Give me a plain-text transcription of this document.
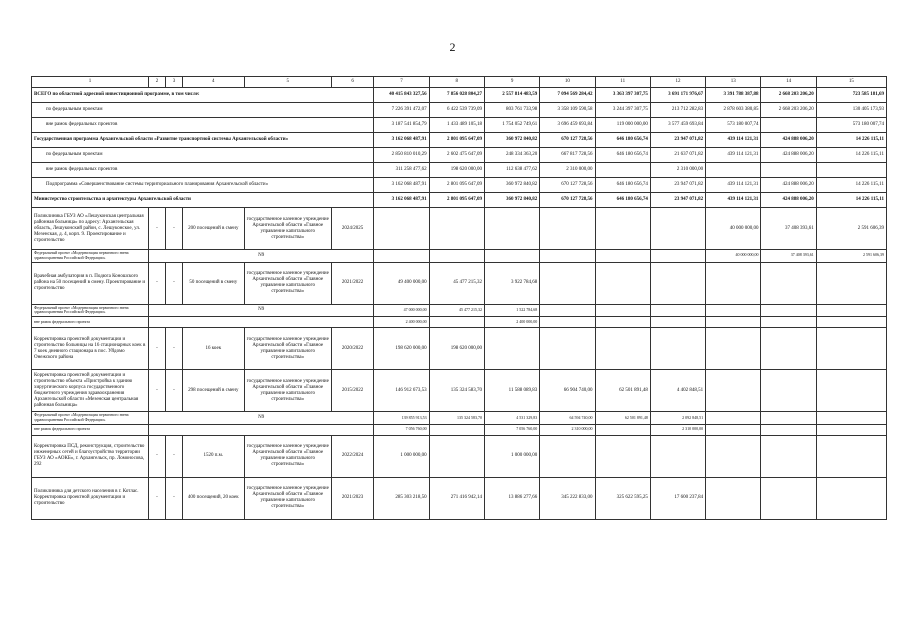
2
1	2	3	4	5	6	7	8	9	10	11	12	13	14	15
ВСЕГО по областной адресной инвестиционной программе, в том числе:						40 415 843 327,56	7 856 028 804,27	2 557 814 483,59	7 094 569 284,42	3 363 397 307,75	3 691 171 976,67	3 391 788 387,88	2 668 203 206,20	723 585 181,69
по федеральным проектам						7 226 391 472,07	6 422 539 739,09	803 761 733,98	3 358 109 590,58	3 244 397 307,75	213 712 282,83	2 878 603 380,85	2 668 203 206,20	130 405 173,93
вне рамок федеральных проектов						3 187 541 854,79	1 433 489 105,18	1 754 052 749,61	3 696 459 693,84	119 000 000,00	3 577 459 693,84	573 180 007,74		573 180 007,74
Государственная программа Архангельской области «Развитие транспортной системы Архангельской области»						3 162 068 487,91	2 801 095 647,09	360 972 840,82	670 127 728,56	646 180 656,74	23 947 071,82	439 114 121,31	424 888 006,20	14 226 115,11
по федеральным проектам						2 850 810 010,29	2 602 475 647,09	248 334 363,20	667 817 728,56	646 180 656,74	21 637 071,82	439 114 121,31	424 888 006,20	14 226 115,11
вне рамок федеральных проектов						311 258 477,62	198 620 000,00	112 638 477,62	2 310 000,00		2 310 000,00			
Подпрограмма «Совершенствование системы территориального планирования Архангельской области»						3 162 068 487,91	2 801 095 647,09	360 972 840,82	670 127 728,56	646 180 656,74	23 947 071,82	439 114 121,31	424 888 006,20	14 226 115,11
Министерство строительства и архитектуры Архангельской области						3 162 068 487,91	2 801 095 647,09	360 972 840,82	670 127 728,56	646 180 656,74	23 947 071,82	439 114 121,31	424 888 006,20	14 226 115,11
Поликлиника ГБУЗ АО «Лешуконская центральная районная больница» по адресу: Архангельская область, Лешуконский район, с. Лешуконское, ул. Мезенская, д. 4, корп. 9. Проектирование и строительство	-	-	200 посещений в смену	государственное казенное учреждение Архангельской области «Главное управление капитального строительства»	2024/2025							40 000 000,00	37 408 393,61	2 591 606,39
Федеральный проект «Модернизация первичного звена здравоохранения Российской Федерации»	N9											40 000 000,00	37 408 393,61	2 591 606,39
Врачебная амбулатория в п. Подюга Коношского района на 50 посещений в смену. Проектирование и строительство	-	-	50 посещений в смену	государственное казенное учреждение Архангельской области «Главное управление капитального строительства»	2021/2022	49 400 000,00	45 477 215,32	3 922 784,68						
Федеральный проект «Модернизация первичного звена здравоохранения Российской Федерации»	N9					47 000 000,00	45 477 215,32	1 522 784,68						
вне рамок федерального проекта						2 400 000,00		2 400 000,00						
Корректировка проектной документации и строительство больницы на 16 стационарных коек в 7 коек дневного стационара в пос. Уйдомо Онежского района	-	-	16 коек	государственное казенное учреждение Архангельской области «Главное управление капитального строительства»	2020/2022	198 620 000,00	198 620 000,00							
Корректировка проектной документации и строительство объекта «Пристройка к зданию хирургического корпуса государственного бюджетного учреждения здравоохранения Архангельской области «Мезенская центральная районная больница»	-	-	298 посещений в смену	государственное казенное учреждение Архангельской области «Главное управление капитального строительства»	2015/2022	146 912 673,53	135 324 583,70	11 588 089,83	66 904 740,00	62 501 891,48	4 402 848,51			
Федеральный проект «Модернизация первичного звена здравоохранения Российской Федерации»	N9					139 855 913,53	135 324 583,70	4 531 329,83	64 594 740,00	62 501 891,48	2 092 848,51			
вне рамок федерального проекта						7 056 760,00		7 056 760,00	2 310 000,00		2 310 000,00			
Корректировка ПСД, реконструкция, строительство инженерных сетей и благоустройство территории ГБУЗ АО «АОКБ», г. Архангельск, пр. Ломоносова, 292	-	-	1520 п.м.	государственное казенное учреждение Архангельской области «Главное управление капитального строительства»	2022/2024	1 000 000,00		1 000 000,00						
Поликлиника для детского населения в г. Котлас. Корректировка проектной документации и строительство	-	-	400 посещений, 20 коек	государственное казенное учреждение Архангельской области «Главное управление капитального строительства»	2021/2023	285 303 218,50	271 416 942,14	13 886 277,66	345 222 833,00	325 622 595,25	17 600 237,84			
